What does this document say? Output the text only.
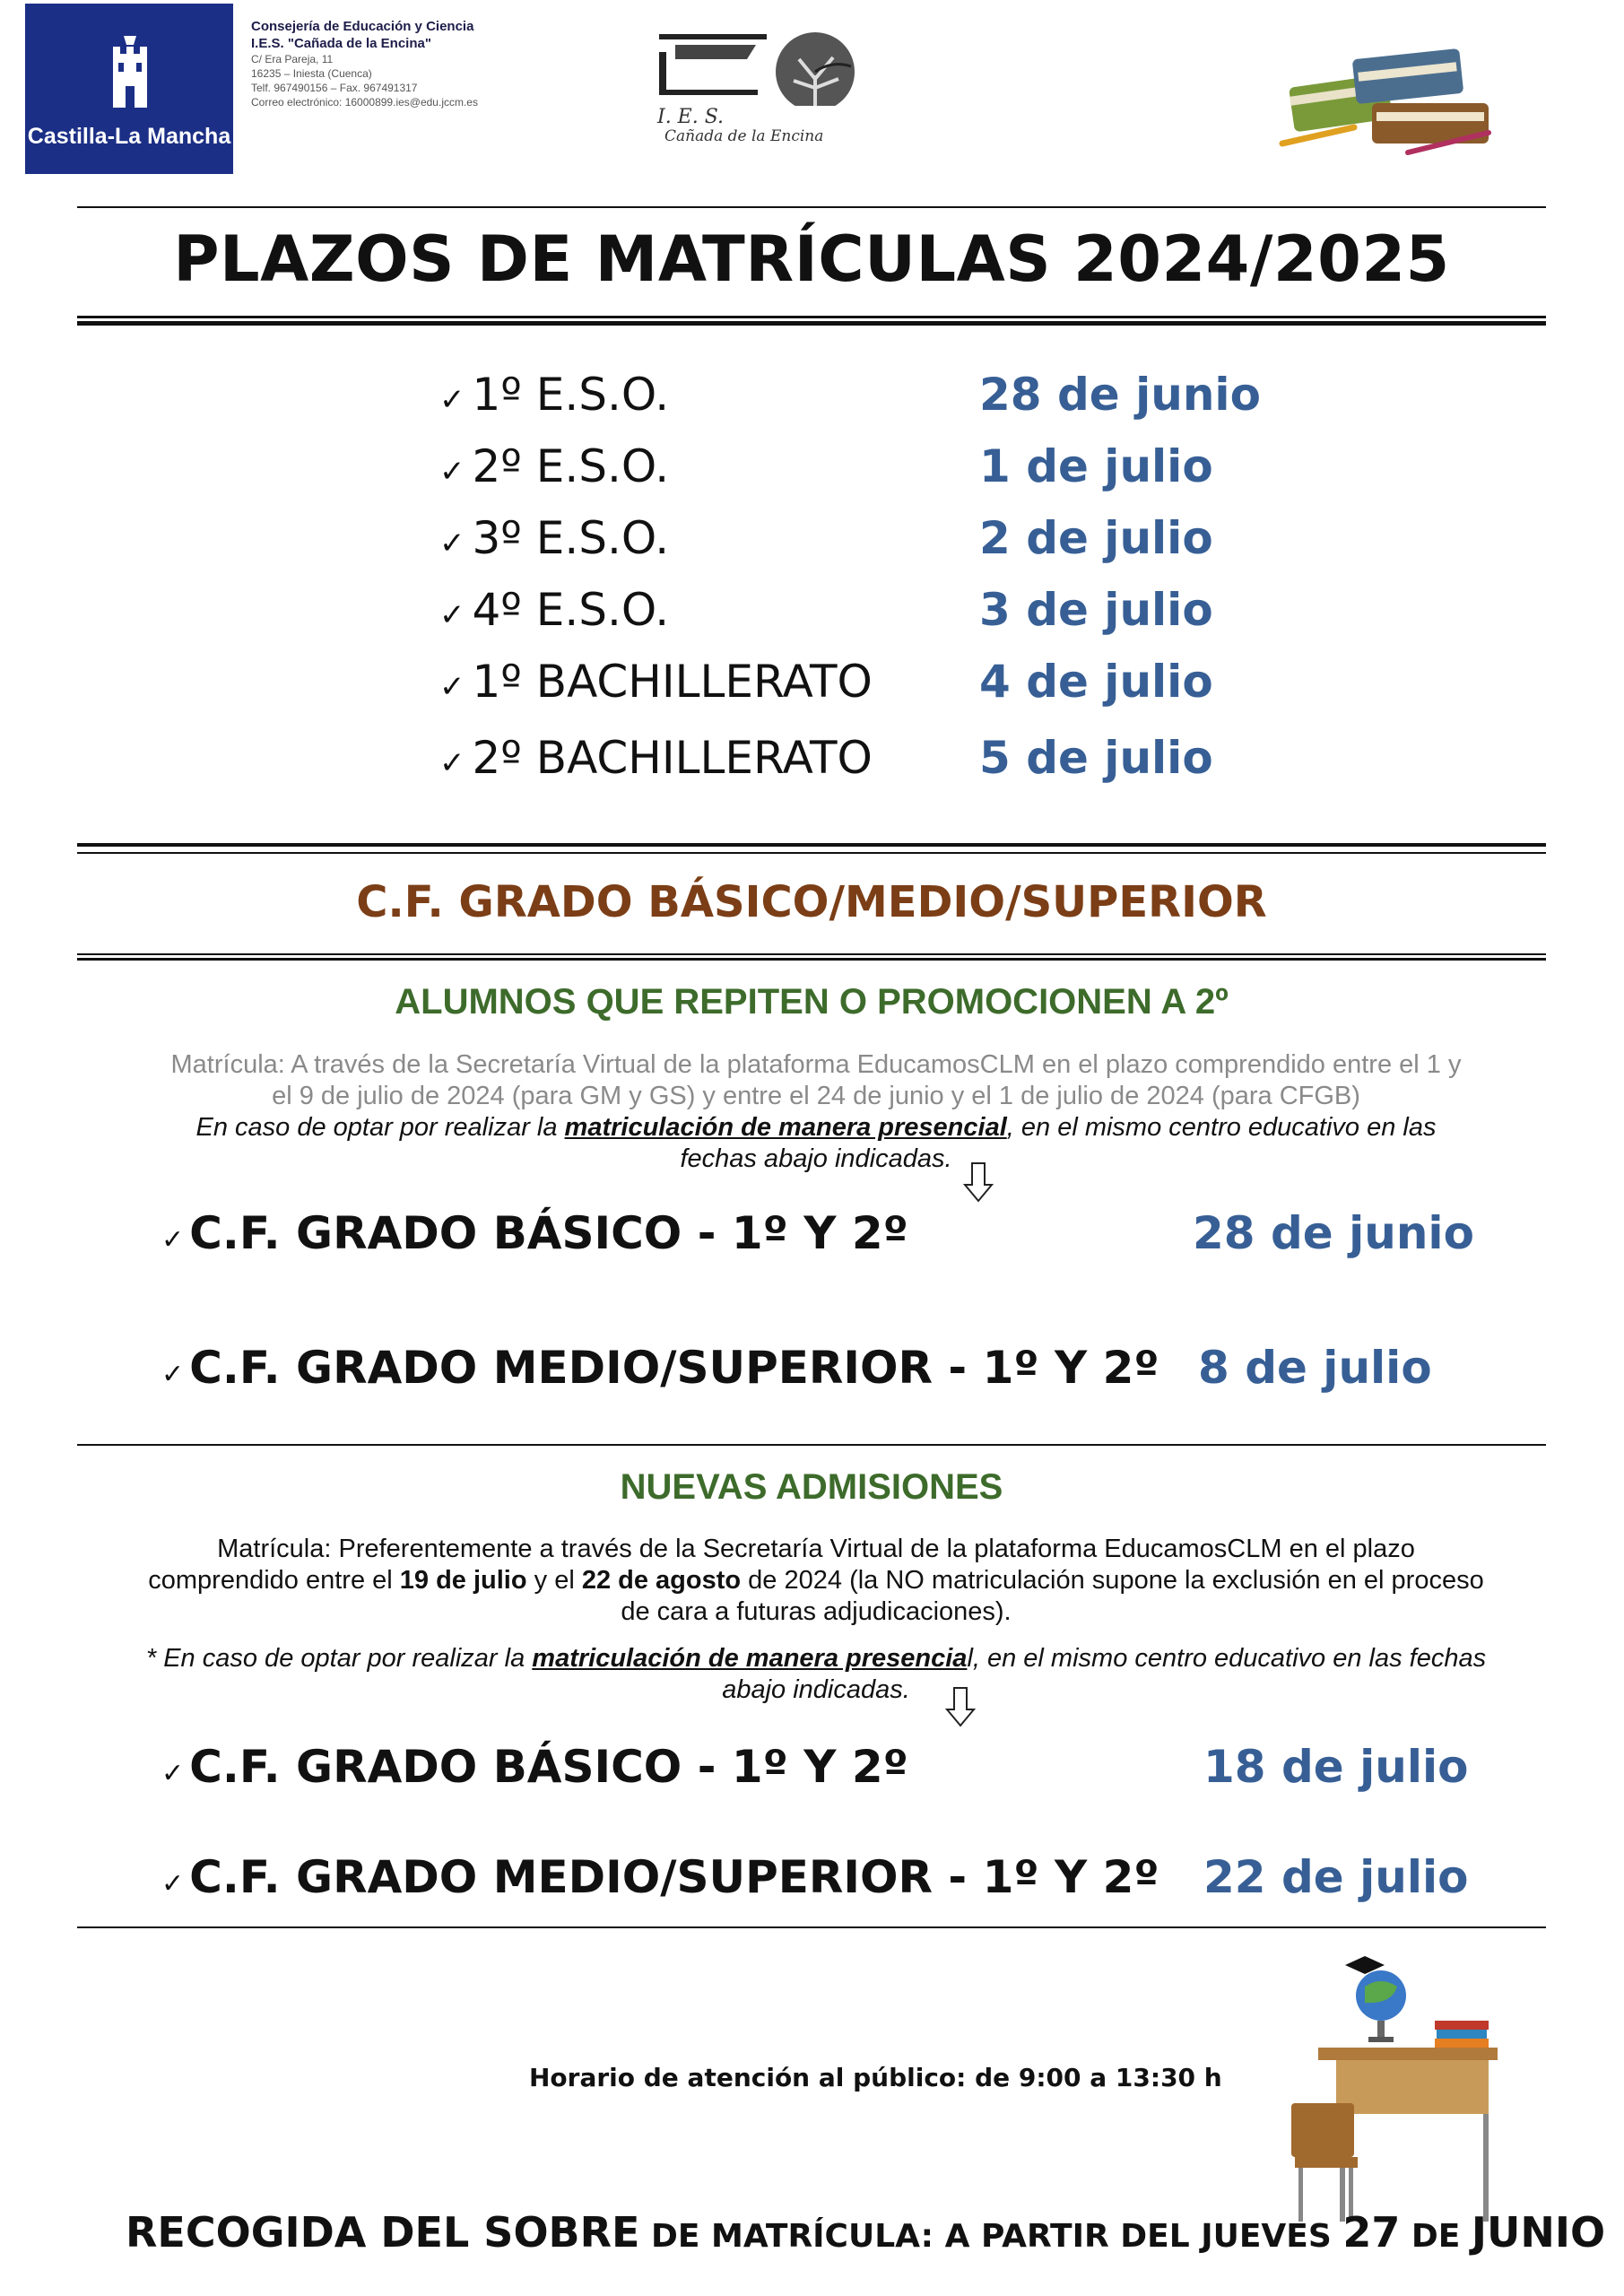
Castilla-La Mancha
Consejería de Educación y Ciencia
I.E.S. "Cañada de la Encina"
C/ Era Pareja, 11
16235 – Iniesta (Cuenca)
Telf. 967490156 – Fax. 967491317
Correo electrónico: 16000899.ies@edu.jccm.es
I. E. S.
Cañada de la Encina
PLAZOS DE MATRÍCULAS 2024/2025
✓ 1º E.S.O.	28 de junio
✓ 2º E.S.O.	1 de julio
✓ 3º E.S.O.	2 de julio
✓ 4º E.S.O.	3 de julio
✓ 1º BACHILLERATO 4 de julio
✓ 2º BACHILLERATO 5 de julio
C.F. GRADO BÁSICO/MEDIO/SUPERIOR
ALUMNOS QUE REPITEN O PROMOCIONEN A 2º
Matrícula: A través de la Secretaría Virtual de la plataforma EducamosCLM en el plazo comprendido entre el 1 y
el 9 de julio de 2024 (para GM y GS) y entre el 24 de junio y el 1 de julio de 2024 (para CFGB)
En caso de optar por realizar la matriculación de manera presencial, en el mismo centro educativo en las
fechas abajo indicadas.
✓ C.F. GRADO BÁSICO - 1º Y 2º	28 de junio
✓ C.F. GRADO MEDIO/SUPERIOR - 1º Y 2º 8 de julio
NUEVAS ADMISIONES
Matrícula: Preferentemente a través de la Secretaría Virtual de la plataforma EducamosCLM en el plazo
comprendido entre el 19 de julio y el 22 de agosto de 2024 (la NO matriculación supone la exclusión en el proceso
de cara a futuras adjudicaciones).
* En caso de optar por realizar la matriculación de manera presencial, en el mismo centro educativo en las fechas
abajo indicadas.
✓ C.F. GRADO BÁSICO - 1º Y 2º	18 de julio
✓ C.F. GRADO MEDIO/SUPERIOR - 1º Y 2º 22 de julio
Horario de atención al público: de 9:00 a 13:30 h
RECOGIDA DEL SOBRE DE MATRÍCULA: A PARTIR DEL JUEVES 27 DE JUNIO
